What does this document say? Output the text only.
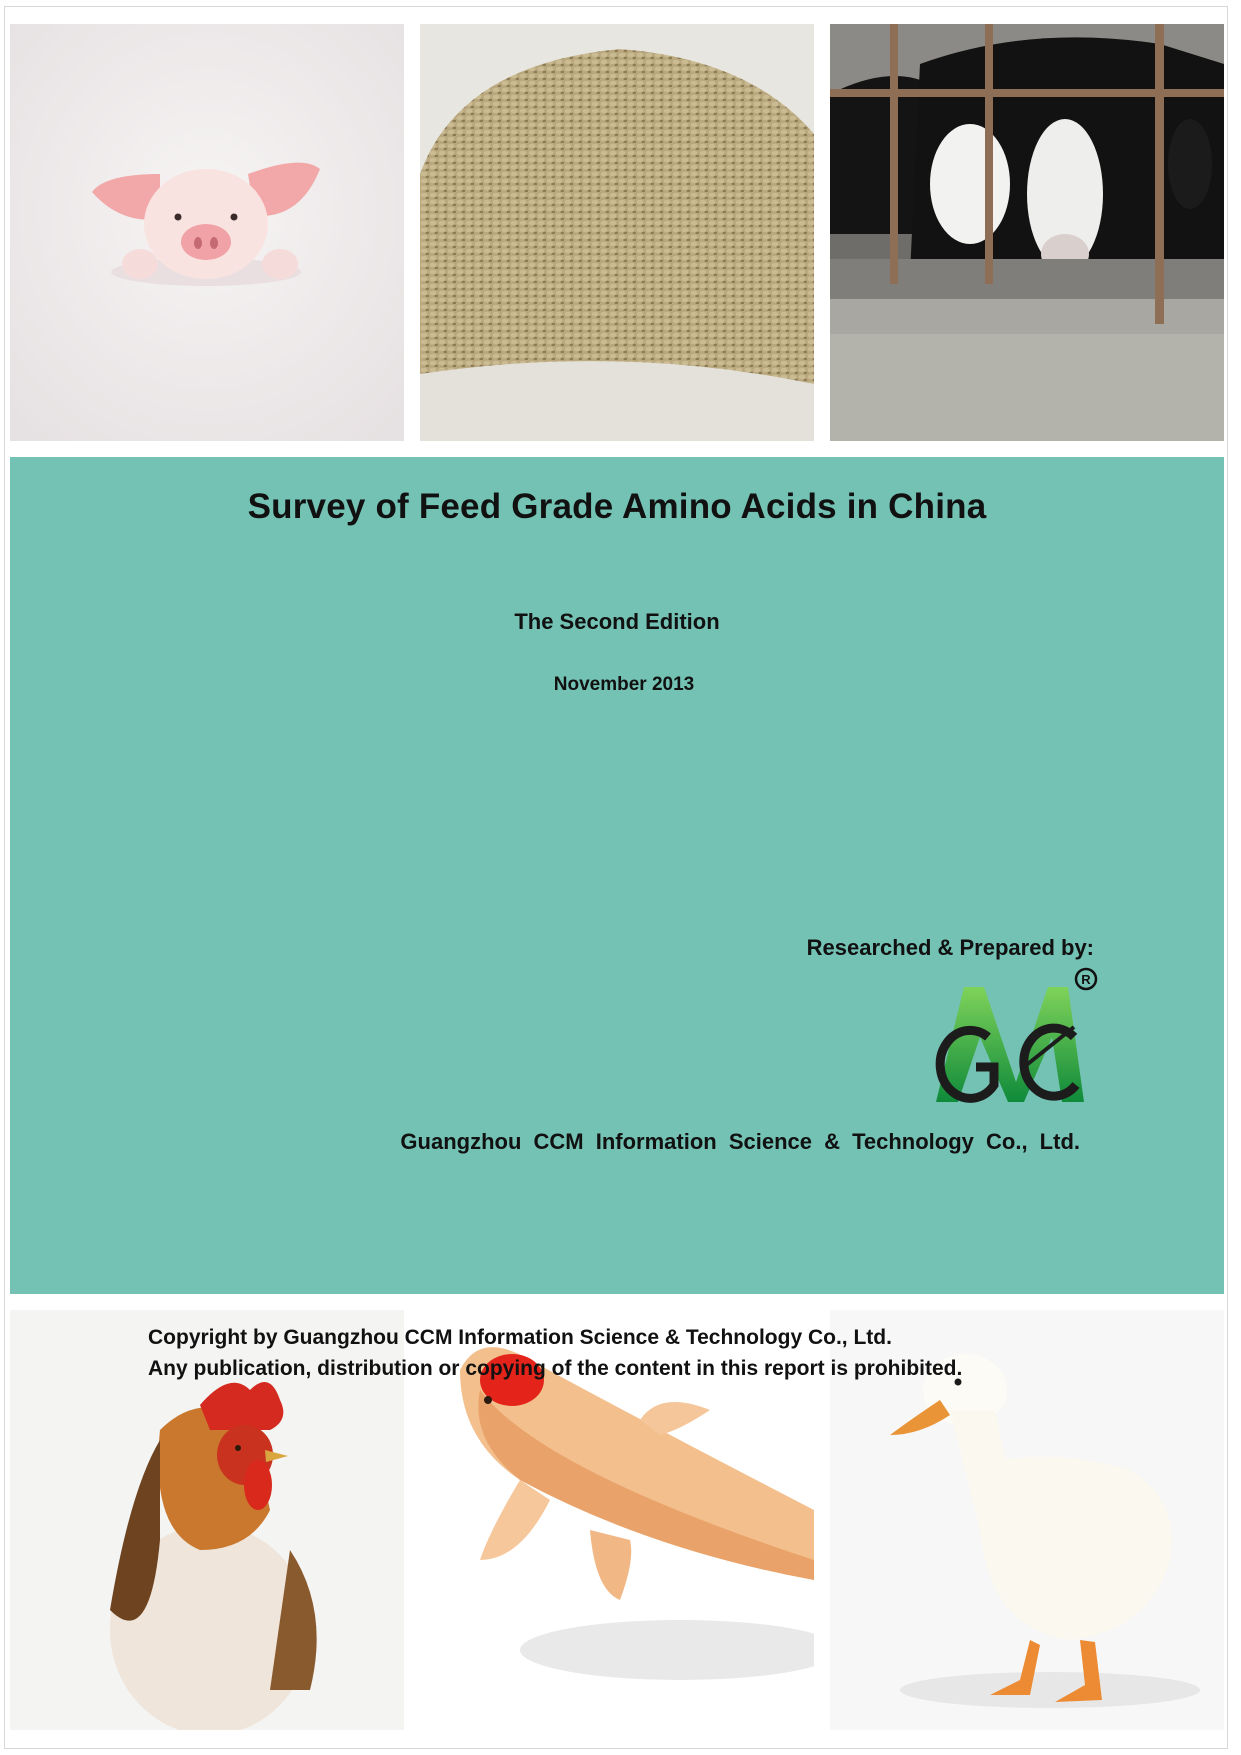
Survey of Feed Grade Amino Acids in China
The Second Edition
November 2013
Researched & Prepared by:
R
Guangzhou CCM Information Science & Technology Co., Ltd.
Copyright by Guangzhou CCM Information Science & Technology Co., Ltd.
Any publication, distribution or copying of the content in this report is prohibited.
